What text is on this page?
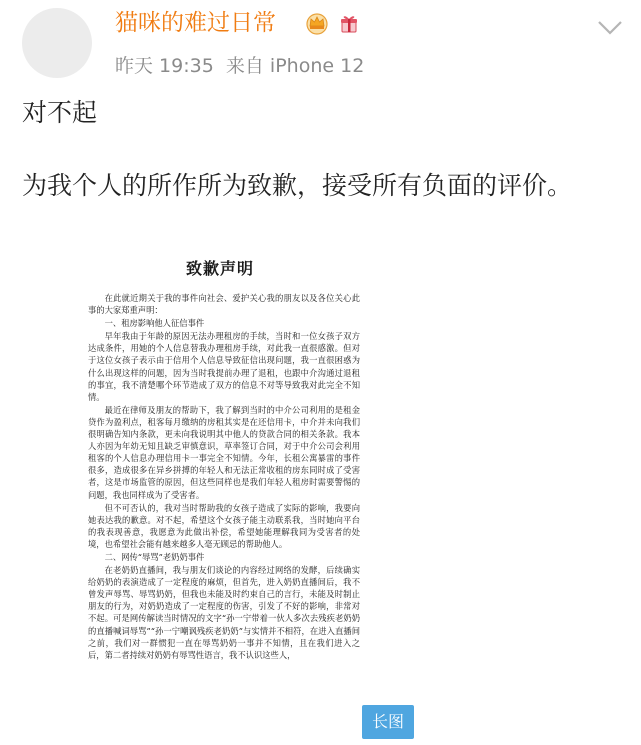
猫咪的难过日常
昨天 19:35 来自 iPhone 12
对不起
为我个人的所作所为致歉，接受所有负面的评价。
致歉声明

在此就近期关于我的事件向社会、爱护关心我的朋友以及各位关心此事的大家郑重声明：

一、租房影响他人征信事件

早年我由于年龄的原因无法办理租房的手续，当时和一位女孩子双方达成条件，用她的个人信息替我办理租房手续，对此我一直很感激。但对于这位女孩子表示由于信用个人信息导致征信出现问题，我一直很困惑为什么出现这样的问题，因为当时我提前办理了退租，也跟中介沟通过退租的事宜，我不清楚哪个环节造成了双方的信息不对等导致我对此完全不知情。

最近在律师及朋友的帮助下，我了解到当时的中介公司利用的是租金贷作为盈利点，租客每月缴纳的房租其实是在还信用卡，中介并未向我们很明确告知内条款，更未向我说明其中他人的贷款合同的相关条款。我本人亦因为年幼无知且缺乏审慎意识，草率签订合同，对于中介公司会利用租客的个人信息办理信用卡一事完全不知情。今年，长租公寓暴雷的事件很多，造成很多在异乡拼搏的年轻人和无法正常收租的房东同时成了受害者，这是市场监管的原因，但这些同样也是我们年轻人租房时需要警惕的问题，我也同样成为了受害者。

但不可否认的，我对当时帮助我的女孩子造成了实际的影响，我要向她表达我的歉意。对不起，希望这个女孩子能主动联系我，当时她向平台的我表现善意，我愿意为此做出补偿，希望她能理解我同为受害者的处境，也希望社会能有越来越多人毫无顾忌的帮助他人。

二、网传“辱骂”老奶奶事件

在老奶奶直播间，我与朋友们谈论的内容经过网络的发酵，后续确实给奶奶的表演造成了一定程度的麻烦，但首先，进入奶奶直播间后，我不曾发声辱骂、辱骂奶奶，但我也未能及时约束自己的言行，未能及时制止朋友的行为，对奶奶造成了一定程度的伤害，引发了不好的影响，非常对不起。可是网传解读当时情况的文字“孙一宁带着一伙人多次去残疾老奶奶的直播喊词辱骂”“孙一宁嘲讽残疾老奶奶”与实情并不相符，在进入直播间之前，我们对一群惯犯一直在辱骂奶奶一事并不知情，且在我们进入之后，第二者持续对奶奶有辱骂性语言，我不认识这些人，

长图
